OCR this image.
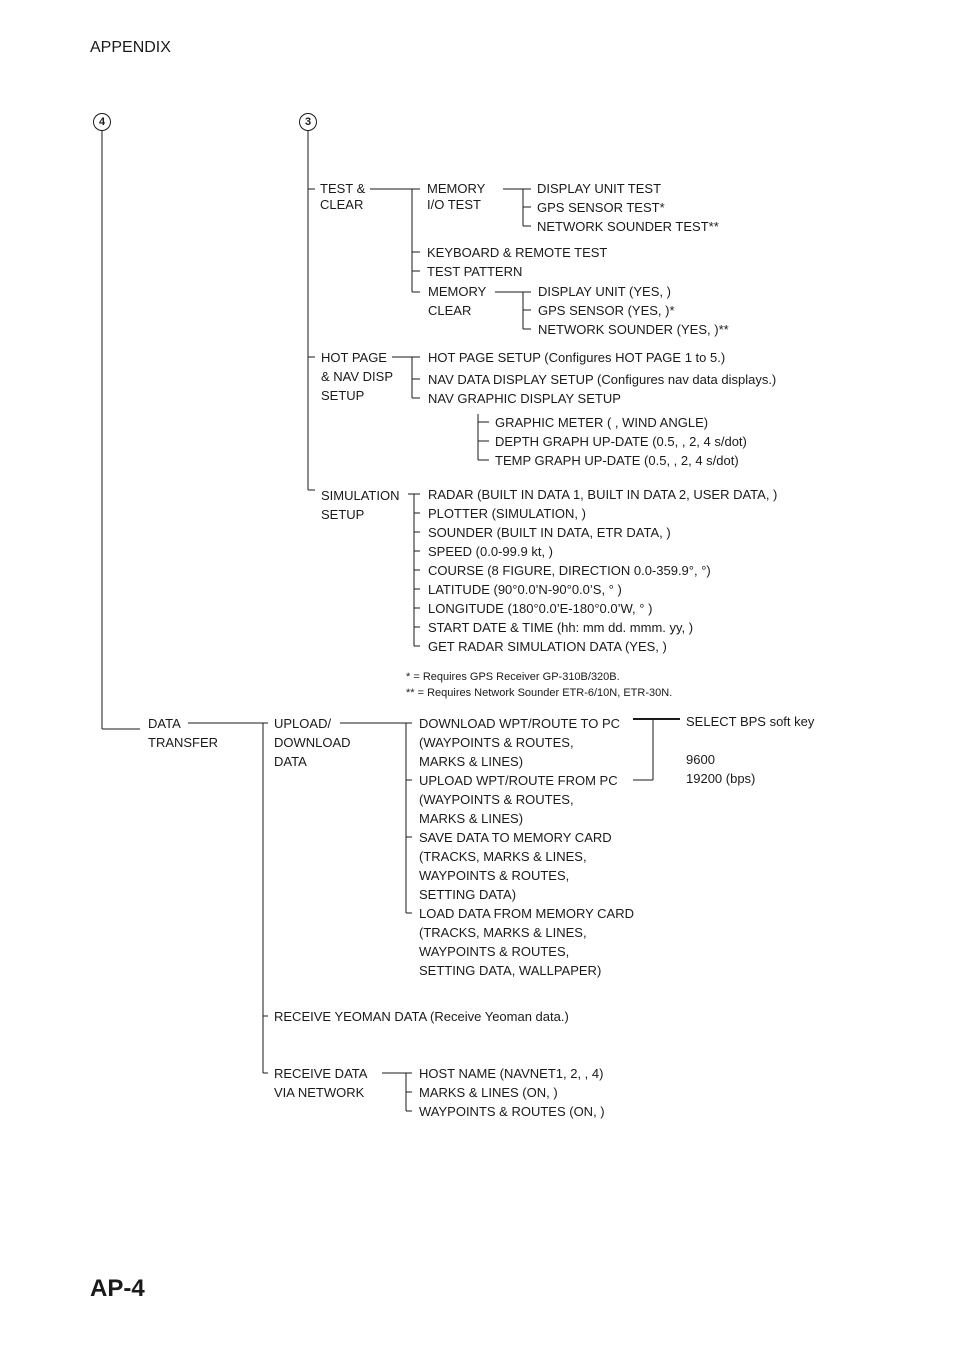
APPENDIX
4	3
TEST &
CLEAR
MEMORY
I/O TEST
DISPLAY UNIT TEST
GPS SENSOR TEST*
NETWORK SOUNDER TEST**
KEYBOARD & REMOTE TEST
TEST PATTERN
MEMORY
CLEAR
DISPLAY UNIT (YES, )
GPS SENSOR (YES, )*
NETWORK SOUNDER (YES, )**
HOT PAGE
& NAV DISP
SETUP
HOT PAGE SETUP (Configures HOT PAGE 1 to 5.)
NAV DATA DISPLAY SETUP (Configures nav data displays.)
NAV GRAPHIC DISPLAY SETUP
GRAPHIC METER ( , WIND ANGLE)
DEPTH GRAPH UP-DATE (0.5, , 2, 4 s/dot)
TEMP GRAPH UP-DATE (0.5, , 2, 4 s/dot)
SIMULATION
SETUP
RADAR (BUILT IN DATA 1, BUILT IN DATA 2, USER DATA, )
PLOTTER (SIMULATION, )
SOUNDER (BUILT IN DATA, ETR DATA, )
SPEED (0.0-99.9 kt, )
COURSE (8 FIGURE, DIRECTION 0.0-359.9°, °)
LATITUDE (90°0.0’N-90°0.0’S, ° )
LONGITUDE (180°0.0’E-180°0.0’W, ° )
START DATE & TIME (hh: mm dd. mmm. yy, )
GET RADAR SIMULATION DATA (YES, )
* = Requires GPS Receiver GP-310B/320B.
** = Requires Network Sounder ETR-6/10N, ETR-30N.
DATA
TRANSFER
UPLOAD/
DOWNLOAD
DATA
DOWNLOAD WPT/ROUTE TO PC
(WAYPOINTS & ROUTES,
MARKS & LINES)
UPLOAD WPT/ROUTE FROM PC
(WAYPOINTS & ROUTES,
MARKS & LINES)
SAVE DATA TO MEMORY CARD
(TRACKS, MARKS & LINES,
WAYPOINTS & ROUTES,
SETTING DATA)
LOAD DATA FROM MEMORY CARD
(TRACKS, MARKS & LINES,
WAYPOINTS & ROUTES,
SETTING DATA, WALLPAPER)
SELECT BPS soft key
9600
19200 (bps)
RECEIVE YEOMAN DATA (Receive Yeoman data.)
RECEIVE DATA
VIA NETWORK
HOST NAME (NAVNET1, 2, , 4)
MARKS & LINES (ON, )
WAYPOINTS & ROUTES (ON, )
AP-4
